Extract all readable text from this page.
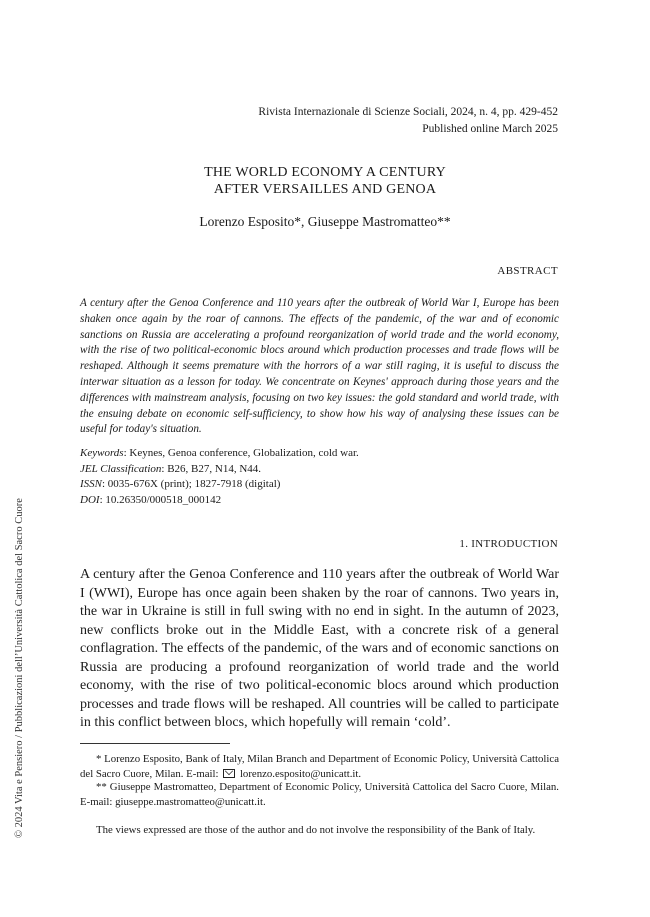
Rivista Internazionale di Scienze Sociali, 2024, n. 4, pp. 429-452
Published online March 2025
THE WORLD ECONOMY A CENTURY
AFTER VERSAILLES AND GENOA
Lorenzo Esposito*, Giuseppe Mastromatteo**
ABSTRACT
A century after the Genoa Conference and 110 years after the outbreak of World War I, Europe has been shaken once again by the roar of cannons. The effects of the pandemic, of the war and of economic sanctions on Russia are accelerating a profound reorganization of world trade and the world economy, with the rise of two political-economic blocs around which production processes and trade flows will be reshaped. Although it seems premature with the horrors of a war still raging, it is useful to discuss the interwar situation as a lesson for today. We concentrate on Keynes' approach during those years and the differences with mainstream analysis, focusing on two key issues: the gold standard and world trade, with the ensuing debate on economic self-sufficiency, to show how his way of analysing these issues can be useful for today's situation.
Keywords: Keynes, Genoa conference, Globalization, cold war.
JEL Classification: B26, B27, N14, N44.
ISSN: 0035-676X (print); 1827-7918 (digital)
DOI: 10.26350/000518_000142
1. INTRODUCTION
A century after the Genoa Conference and 110 years after the outbreak of World War I (WWI), Europe has once again been shaken by the roar of cannons. Two years in, the war in Ukraine is still in full swing with no end in sight. In the autumn of 2023, new conflicts broke out in the Middle East, with a concrete risk of a general conflagration. The effects of the pandemic, of the wars and of economic sanctions on Russia are producing a profound reorganization of world trade and the world economy, with the rise of two political-economic blocs around which production processes and trade flows will be reshaped. All countries will be called to participate in this conflict between blocs, which hopefully will remain ‘cold’.
* Lorenzo Esposito, Bank of Italy, Milan Branch and Department of Economic Policy, Università Cattolica del Sacro Cuore, Milan. E-mail: lorenzo.esposito@unicatt.it.
** Giuseppe Mastromatteo, Department of Economic Policy, Università Cattolica del Sacro Cuore, Milan. E-mail: giuseppe.mastromatteo@unicatt.it.
The views expressed are those of the author and do not involve the responsibility of the Bank of Italy.
© 2024 Vita e Pensiero / Pubblicazioni dell’Università Cattolica del Sacro Cuore
